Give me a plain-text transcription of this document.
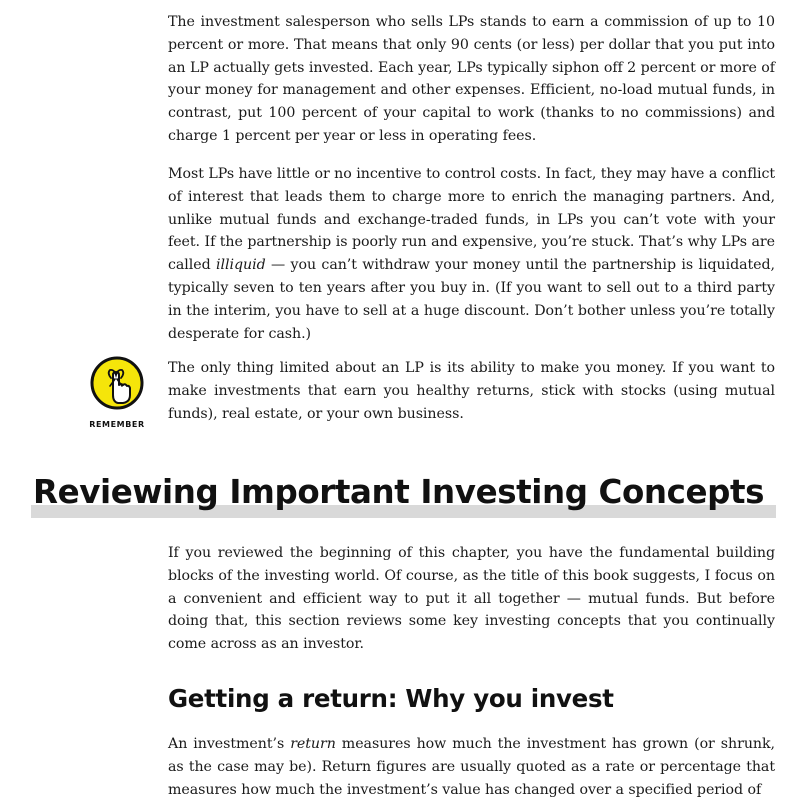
The investment salesperson who sells LPs stands to earn a commission of up to 10 percent or more. That means that only 90 cents (or less) per dollar that you put into an LP actually gets invested. Each year, LPs typically siphon off 2 percent or more of your money for management and other expenses. Efficient, no-load mutual funds, in contrast, put 100 percent of your capital to work (thanks to no commissions) and charge 1 percent per year or less in operating fees.

Most LPs have little or no incentive to control costs. In fact, they may have a conflict of interest that leads them to charge more to enrich the managing partners. And, unlike mutual funds and exchange-traded funds, in LPs you can’t vote with your feet. If the partnership is poorly run and expensive, you’re stuck. That’s why LPs are called illiquid — you can’t withdraw your money until the partnership is liquidated, typically seven to ten years after you buy in. (If you want to sell out to a third party in the interim, you have to sell at a huge discount. Don’t bother unless you’re totally desperate for cash.)

REMEMBER

The only thing limited about an LP is its ability to make you money. If you want to make investments that earn you healthy returns, stick with stocks (using mutual funds), real estate, or your own business.

Reviewing Important Investing Concepts

If you reviewed the beginning of this chapter, you have the fundamental building blocks of the investing world. Of course, as the title of this book suggests, I focus on a convenient and efficient way to put it all together — mutual funds. But before doing that, this section reviews some key investing concepts that you continually come across as an investor.

Getting a return: Why you invest

An investment’s return measures how much the investment has grown (or shrunk, as the case may be). Return figures are usually quoted as a rate or percentage that measures how much the investment’s value has changed over a specified period of
